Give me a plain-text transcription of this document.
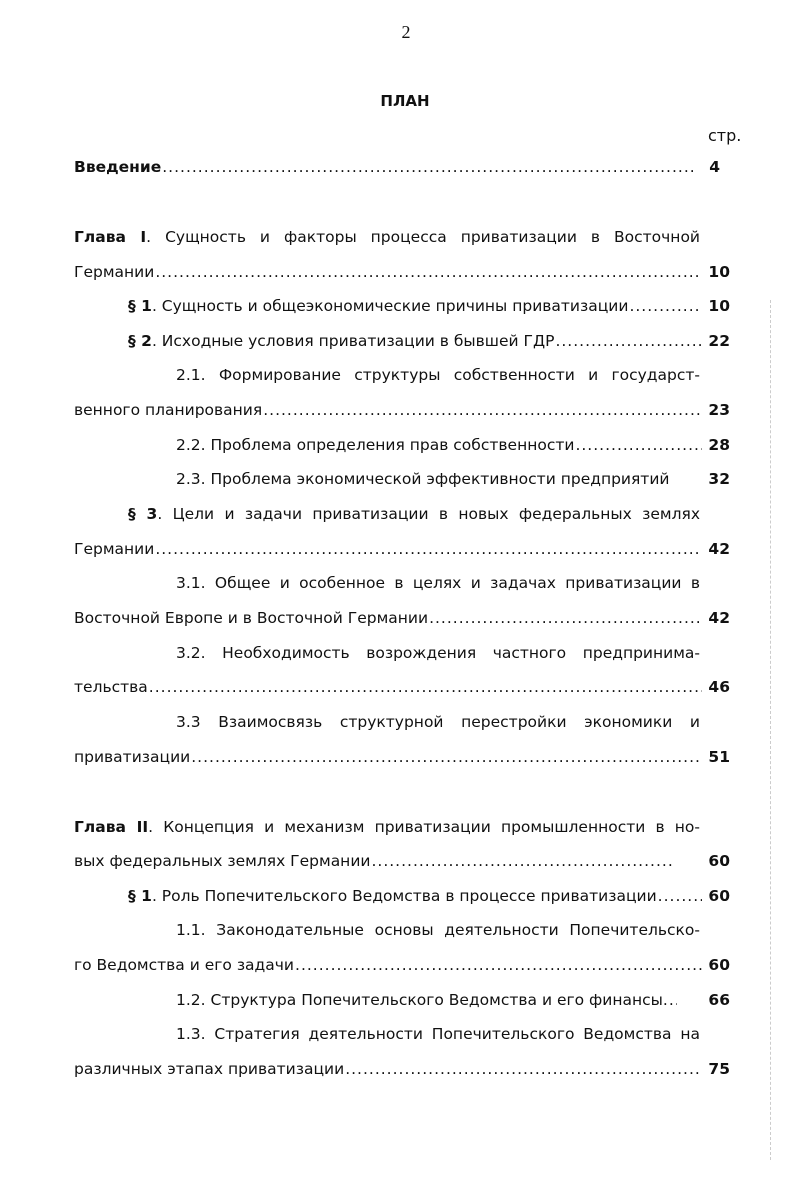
2
ПЛАН
стр.
Введение .....	4
Глава I. Сущность и факторы процесса приватизации в Восточной
Германии .....	10
§ 1. Сущность и общеэкономические причины приватизации .....	10
§ 2. Исходные условия приватизации в бывшей ГДР .....	22
2.1. Формирование структуры собственности и государст-
венного планирования .....	23
2.2. Проблема определения прав собственности .....	28
2.3. Проблема экономической эффективности предприятий	32
§ 3. Цели и задачи приватизации в новых федеральных землях
Германии .....	42
3.1. Общее и особенное в целях и задачах приватизации в
Восточной Европе и в Восточной Германии .....	42
3.2. Необходимость возрождения частного предпринима-
тельства .....	46
3.3 Взаимосвязь структурной перестройки экономики и
приватизации .....	51
Глава II. Концепция и механизм приватизации промышленности в но-
вых федеральных землях Германии .....	60
§ 1. Роль Попечительского Ведомства в процессе приватизации .....	60
1.1. Законодательные основы деятельности Попечительско-
го Ведомства и его задачи .....	60
1.2. Структура Попечительского Ведомства и его финансы .....	66
1.3. Стратегия деятельности Попечительского Ведомства на
различных этапах приватизации .....	75
